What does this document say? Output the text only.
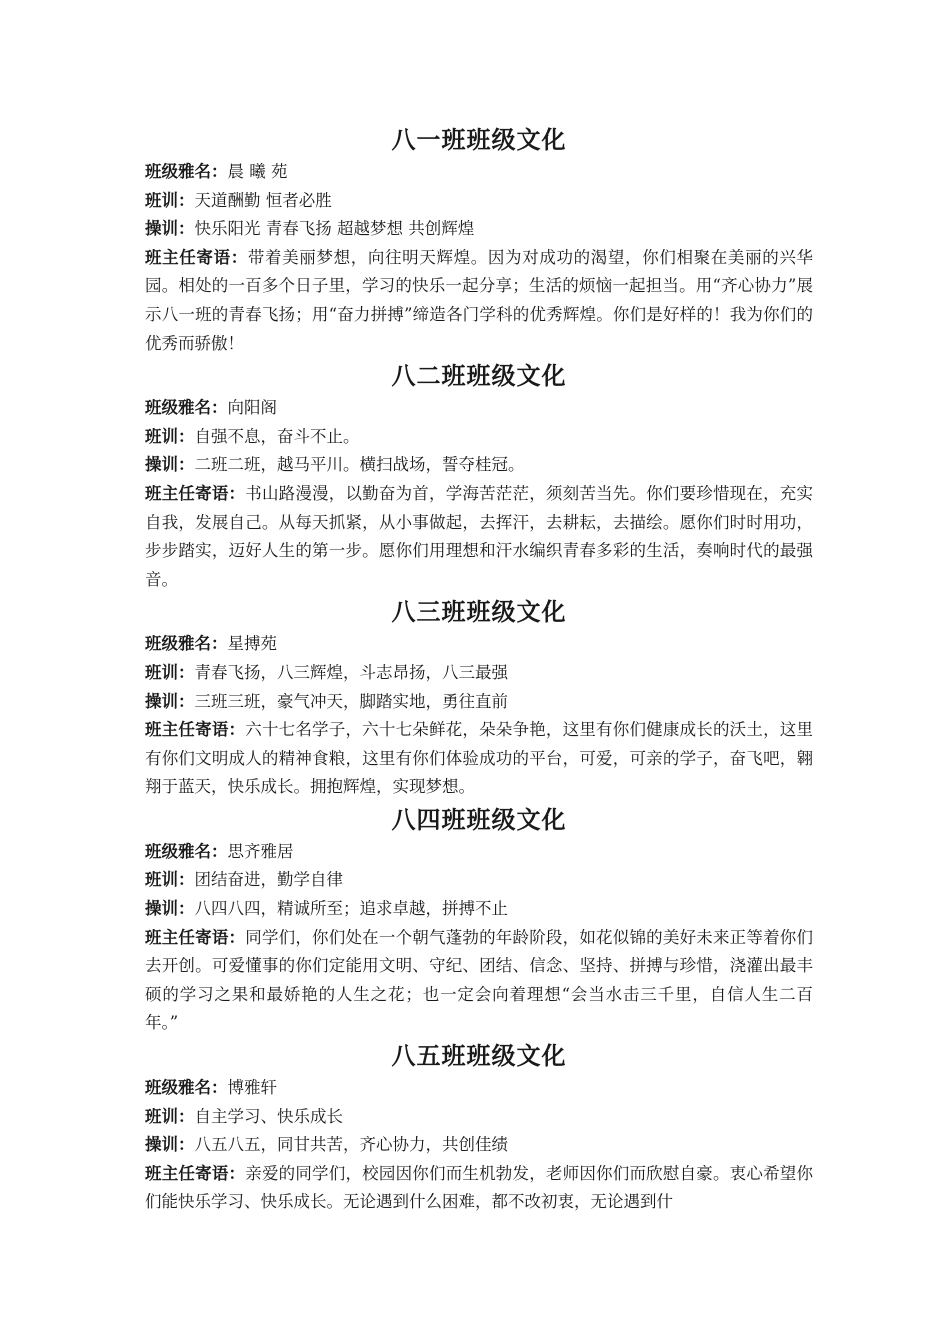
八一班班级文化
班级雅名：晨 曦 苑
班训：天道酬勤 恒者必胜
操训：快乐阳光 青春飞扬 超越梦想 共创辉煌
班主任寄语：带着美丽梦想，向往明天辉煌。因为对成功的渴望，你们相聚在美丽的兴华园。相处的一百多个日子里，学习的快乐一起分享；生活的烦恼一起担当。用“齐心协力”展示八一班的青春飞扬；用“奋力拼搏”缔造各门学科的优秀辉煌。你们是好样的！我为你们的优秀而骄傲！
八二班班级文化
班级雅名：向阳阁
班训：自强不息，奋斗不止。
操训：二班二班，越马平川。横扫战场，誓夺桂冠。
班主任寄语：书山路漫漫，以勤奋为首，学海苦茫茫，须刻苦当先。你们要珍惜现在，充实自我，发展自己。从每天抓紧，从小事做起，去挥汗，去耕耘，去描绘。愿你们时时用功，步步踏实，迈好人生的第一步。愿你们用理想和汗水编织青春多彩的生活，奏响时代的最强音。
八三班班级文化
班级雅名：星搏苑
班训：青春飞扬，八三辉煌，斗志昂扬，八三最强
操训：三班三班，豪气冲天，脚踏实地，勇往直前
班主任寄语：六十七名学子，六十七朵鲜花，朵朵争艳，这里有你们健康成长的沃土，这里有你们文明成人的精神食粮，这里有你们体验成功的平台，可爱，可亲的学子，奋飞吧，翱翔于蓝天，快乐成长。拥抱辉煌，实现梦想。
八四班班级文化
班级雅名：思齐雅居
班训：团结奋进，勤学自律
操训：八四八四，精诚所至；追求卓越，拼搏不止
班主任寄语：同学们，你们处在一个朝气蓬勃的年龄阶段，如花似锦的美好未来正等着你们去开创。可爱懂事的你们定能用文明、守纪、团结、信念、坚持、拼搏与珍惜，浇灌出最丰硕的学习之果和最娇艳的人生之花；也一定会向着理想“会当水击三千里，自信人生二百年。”
八五班班级文化
班级雅名：博雅轩
班训：自主学习、快乐成长
操训：八五八五，同甘共苦，齐心协力，共创佳绩
班主任寄语：亲爱的同学们，校园因你们而生机勃发，老师因你们而欣慰自豪。衷心希望你们能快乐学习、快乐成长。无论遇到什么困难，都不改初衷，无论遇到什
